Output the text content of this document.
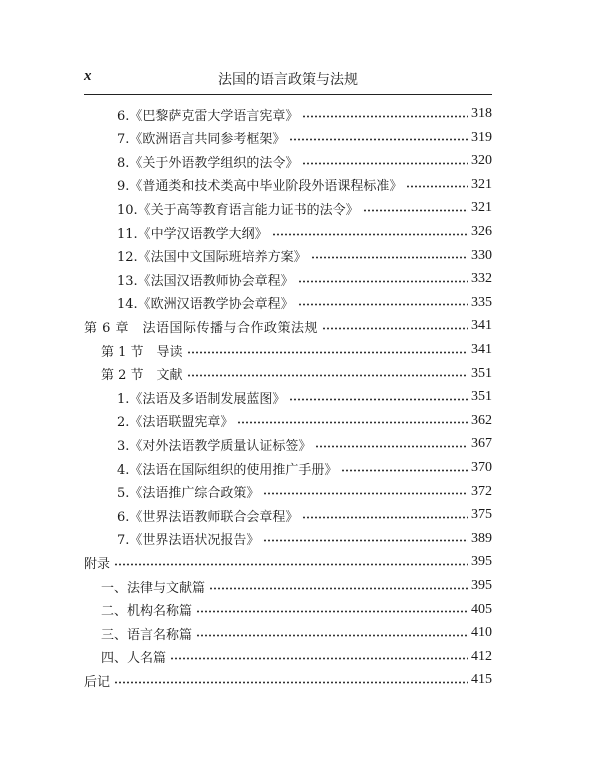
x	法国的语言政策与法规
6.《巴黎萨克雷大学语言宪章》	318
7.《欧洲语言共同参考框架》	319
8.《关于外语教学组织的法令》	320
9.《普通类和技术类高中毕业阶段外语课程标准》	321
10.《关于高等教育语言能力证书的法令》	321
11.《中学汉语教学大纲》	326
12.《法国中文国际班培养方案》	330
13.《法国汉语教师协会章程》	332
14.《欧洲汉语教学协会章程》	335
第 6 章　法语国际传播与合作政策法规	341
第 1 节　导读	341
第 2 节　文献	351
1.《法语及多语制发展蓝图》	351
2.《法语联盟宪章》	362
3.《对外法语教学质量认证标签》	367
4.《法语在国际组织的使用推广手册》	370
5.《法语推广综合政策》	372
6.《世界法语教师联合会章程》	375
7.《世界法语状况报告》	389
附录	395
一、法律与文献篇	395
二、机构名称篇	405
三、语言名称篇	410
四、人名篇	412
后记	415
